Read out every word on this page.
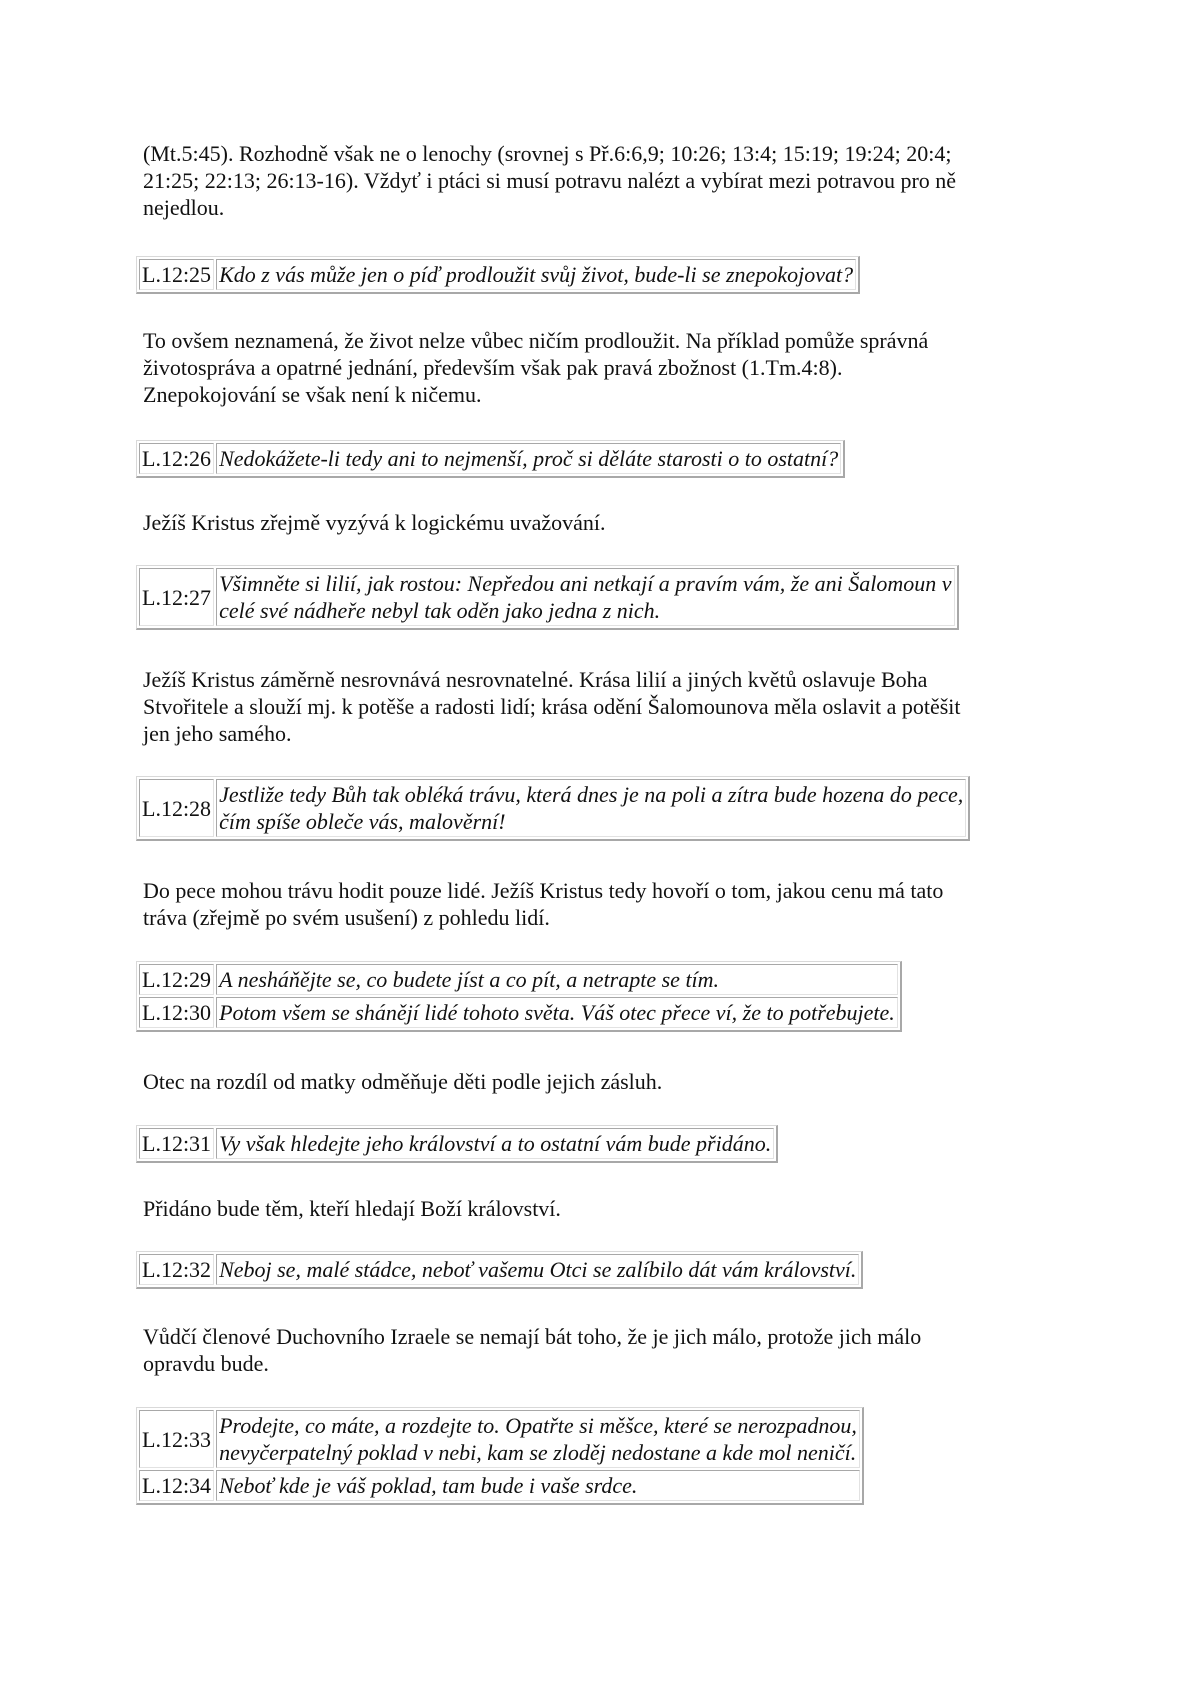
(Mt.5:45). Rozhodně však ne o lenochy (srovnej s Př.6:6,9; 10:26; 13:4; 15:19; 19:24; 20:4;
21:25; 22:13; 26:13-16). Vždyť i ptáci si musí potravu nalézt a vybírat mezi potravou pro ně
nejedlou.

L.12:25	Kdo z vás může jen o píď prodloužit svůj život, bude-li se znepokojovat?

To ovšem neznamená, že život nelze vůbec ničím prodloužit. Na příklad pomůže správná
životospráva a opatrné jednání, především však pak pravá zbožnost (1.Tm.4:8).
Znepokojování se však není k ničemu.

L.12:26	Nedokážete-li tedy ani to nejmenší, proč si děláte starosti o to ostatní?

Ježíš Kristus zřejmě vyzývá k logickému uvažování.

L.12:27	Všimněte si lilií, jak rostou: Nepředou ani netkají a pravím vám, že ani Šalomoun v
celé své nádheře nebyl tak oděn jako jedna z nich.

Ježíš Kristus záměrně nesrovnává nesrovnatelné. Krása lilií a jiných květů oslavuje Boha
Stvořitele a slouží mj. k potěše a radosti lidí; krása odění Šalomounova měla oslavit a potěšit
jen jeho samého.

L.12:28	Jestliže tedy Bůh tak obléká trávu, která dnes je na poli a zítra bude hozena do pece,
čím spíše obleče vás, malověrní!

Do pece mohou trávu hodit pouze lidé. Ježíš Kristus tedy hovoří o tom, jakou cenu má tato
tráva (zřejmě po svém usušení) z pohledu lidí.

L.12:29	A nesháňějte se, co budete jíst a co pít, a netrapte se tím.
L.12:30	Potom všem se shánějí lidé tohoto světa. Váš otec přece ví, že to potřebujete.

Otec na rozdíl od matky odměňuje děti podle jejich zásluh.

L.12:31	Vy však hledejte jeho království a to ostatní vám bude přidáno.

Přidáno bude těm, kteří hledají Boží království.

L.12:32	Neboj se, malé stádce, neboť vašemu Otci se zalíbilo dát vám království.

Vůdčí členové Duchovního Izraele se nemají bát toho, že je jich málo, protože jich málo
opravdu bude.

L.12:33	Prodejte, co máte, a rozdejte to. Opatřte si měšce, které se nerozpadnou,
nevyčerpatelný poklad v nebi, kam se zloděj nedostane a kde mol neničí.
L.12:34	Neboť kde je váš poklad, tam bude i vaše srdce.
